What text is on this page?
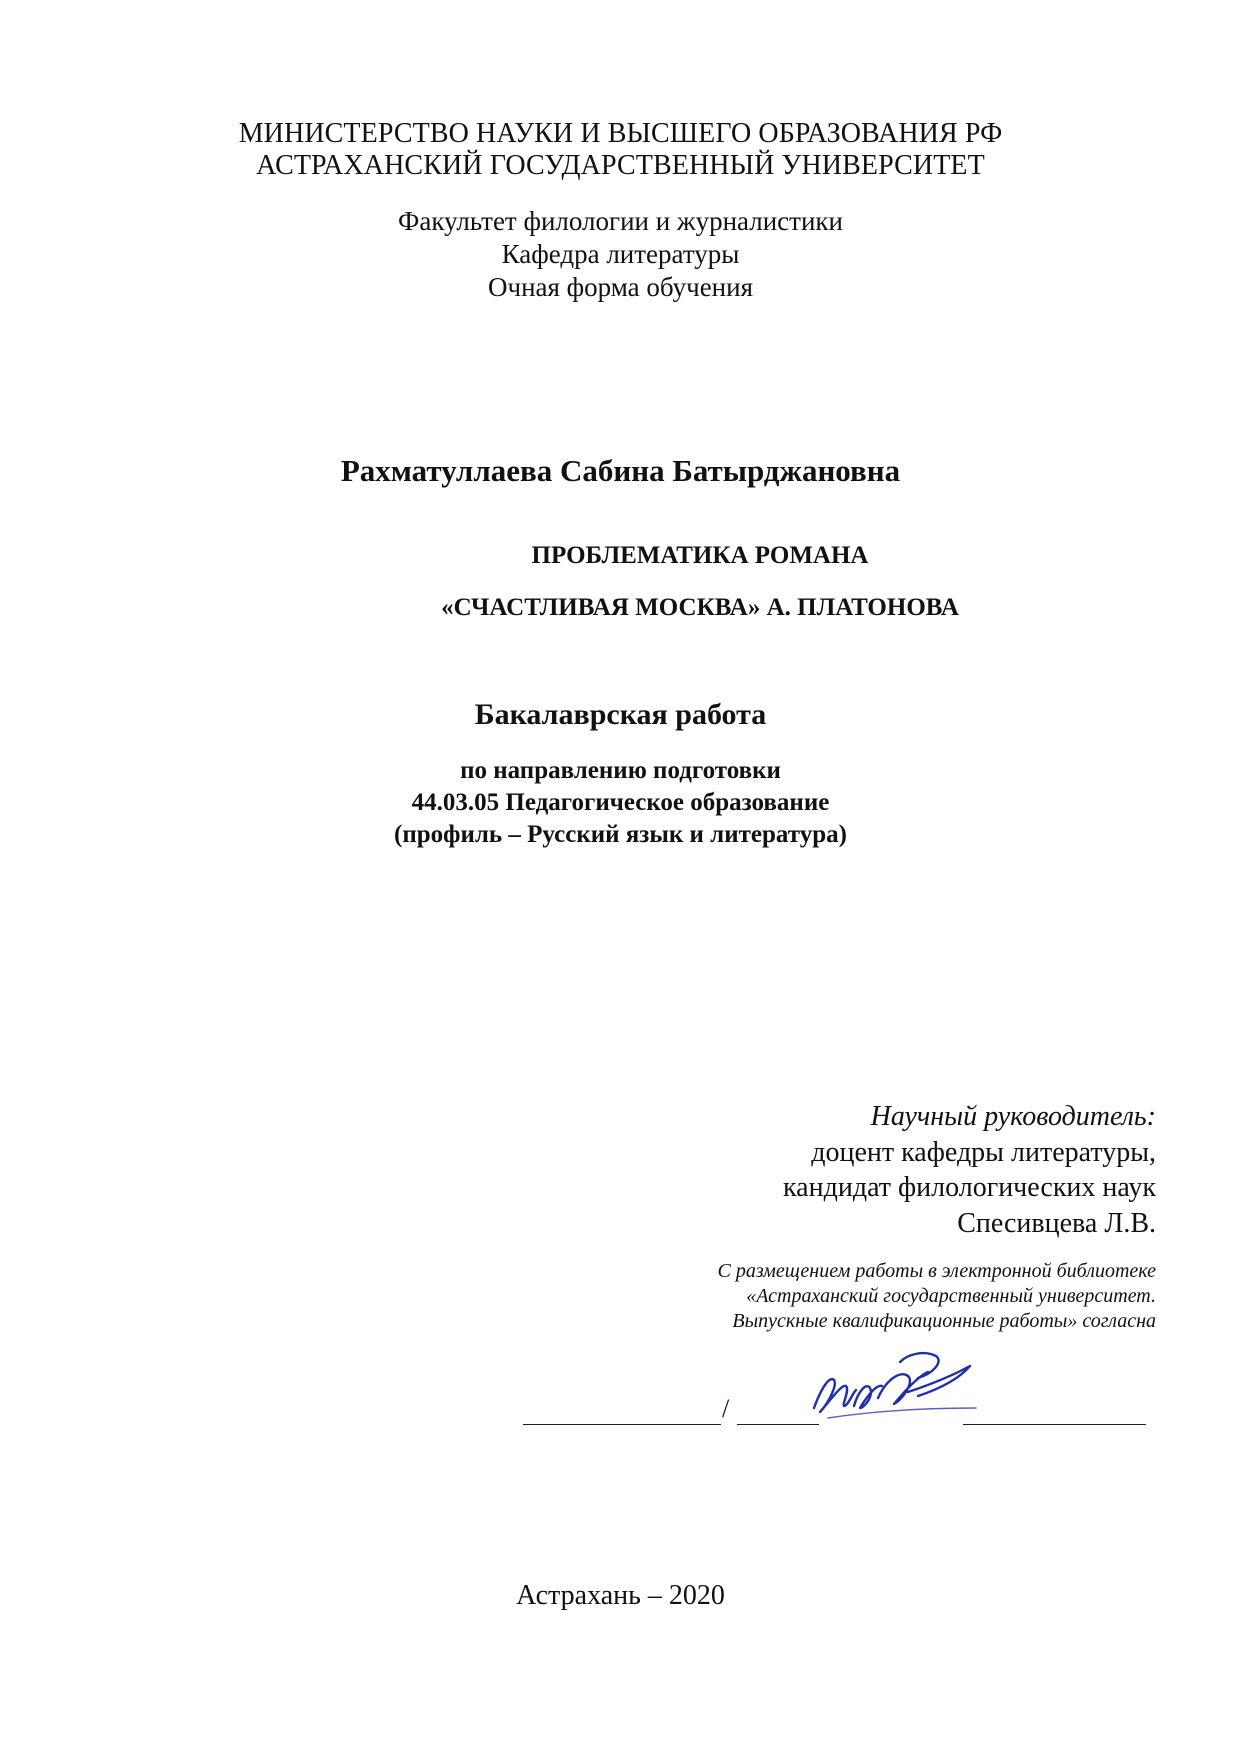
МИНИСТЕРСТВО НАУКИ И ВЫСШЕГО ОБРАЗОВАНИЯ РФ
АСТРАХАНСКИЙ ГОСУДАРСТВЕННЫЙ УНИВЕРСИТЕТ
Факультет филологии и журналистики
Кафедра литературы
Очная форма обучения
Рахматуллаева Сабина Батырджановна
ПРОБЛЕМАТИКА РОМАНА
«СЧАСТЛИВАЯ МОСКВА» А. ПЛАТОНОВА
Бакалаврская работа
по направлению подготовки
44.03.05 Педагогическое образование
(профиль – Русский язык и литература)
Научный руководитель:
доцент кафедры литературы,
кандидат филологических наук
Спесивцева Л.В.
С размещением работы в электронной библиотеке
«Астраханский государственный университет.
Выпускные квалификационные работы» согласна
/
Астрахань – 2020
